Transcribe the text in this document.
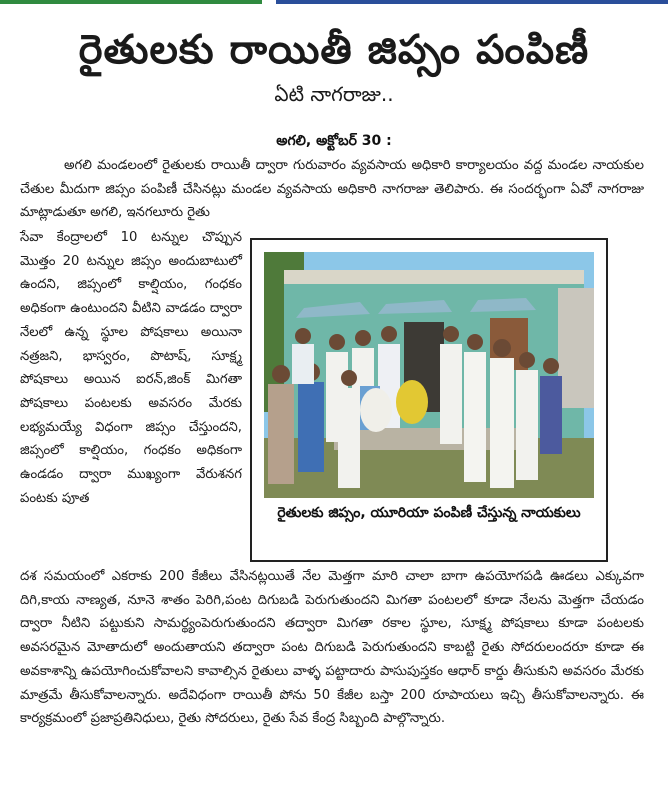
రైతులకు రాయితీ జిప్సం పంపిణీ
ఏటి నాగరాజు..
అగలి, అక్టోబర్ 30 :
అగలి మండలంలో రైతులకు రాయితీ ద్వారా గురువారం వ్యవసాయ అధికారి కార్యాలయం వద్ద మండల నాయకుల చేతుల మీదుగా జిప్సం పంపిణీ చేసినట్లు మండల వ్యవసాయ అధికారి నాగరాజు తెలిపారు. ఈ సందర్భంగా ఏవో నాగరాజు మాట్లాడుతూ అగలి, ఇనగలూరు రైతు
సేవా కేంద్రాలలో 10 టన్నుల చొప్పున మొత్తం 20 టన్నుల జిప్సం అందుబాటులో ఉందని, జిప్సంలో కాల్షియం, గంధకం అధికంగా ఉంటుందని వీటిని వాడడం ద్వారా నేలలో ఉన్న స్థూల పోషకాలు అయినా నత్రజని, భాస్వరం, పొటాష్, సూక్ష్మ పోషకాలు అయిన ఐరన్,జింక్ మిగతా పోషకాలు పంటలకు అవసరం మేరకు లభ్యమయ్యే విధంగా జిప్సం చేస్తుందని, జిప్సంలో కాల్షియం, గంధకం అధికంగా ఉండడం ద్వారా ముఖ్యంగా వేరుశనగ పంటకు పూత
రైతులకు జిప్సం, యూరియా పంపిణీ చేస్తున్న నాయకులు
దశ సమయంలో ఎకరాకు 200 కేజీలు వేసినట్లయితే నేల మెత్తగా మారి చాలా బాగా ఉపయోగపడి ఊడలు ఎక్కువగా దిగి,కాయ నాణ్యత, నూనె శాతం పెరిగి,పంట దిగుబడి పెరుగుతుందని మిగతా పంటలలో కూడా నేలను మెత్తగా చేయడం ద్వారా నీటిని పట్టుకుని సామర్థ్యంపెరుగుతుందని తద్వారా మిగతా రకాల స్థూల, సూక్ష్మ పోషకాలు కూడా పంటలకు అవసరమైన మోతాదులో అందుతాయని తద్వారా పంట దిగుబడి పెరుగుతుందని కాబట్టి రైతు సోదరులందరూ కూడా ఈ అవకాశాన్ని ఉపయోగించుకోవాలని కావాల్సిన రైతులు వాళ్ళ పట్టాదారు పాసుపుస్తకం ఆధార్ కార్డు తీసుకుని అవసరం మేరకు మాత్రమే తీసుకోవాలన్నారు. అదేవిధంగా రాయితీ పోను 50 కేజీల బస్తా 200 రూపాయలు ఇచ్చి తీసుకోవాలన్నారు. ఈ కార్యక్రమంలో ప్రజాప్రతినిధులు, రైతు సోదరులు, రైతు సేవ కేంద్ర సిబ్బంది పాల్గొన్నారు.
